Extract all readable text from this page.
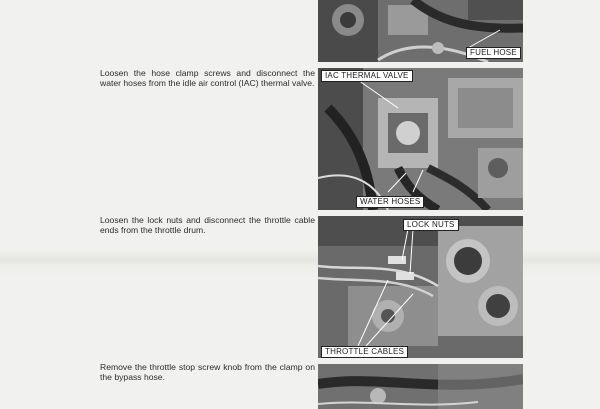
Loosen the hose clamp screws and disconnect the water hoses from the idle air control (IAC) thermal valve.
Loosen the lock nuts and disconnect the throttle cable ends from the throttle drum.
Remove the throttle stop screw knob from the clamp on the bypass hose.
FUEL HOSE
IAC THERMAL VALVE
WATER HOSES
LOCK NUTS
THROTTLE CABLES
